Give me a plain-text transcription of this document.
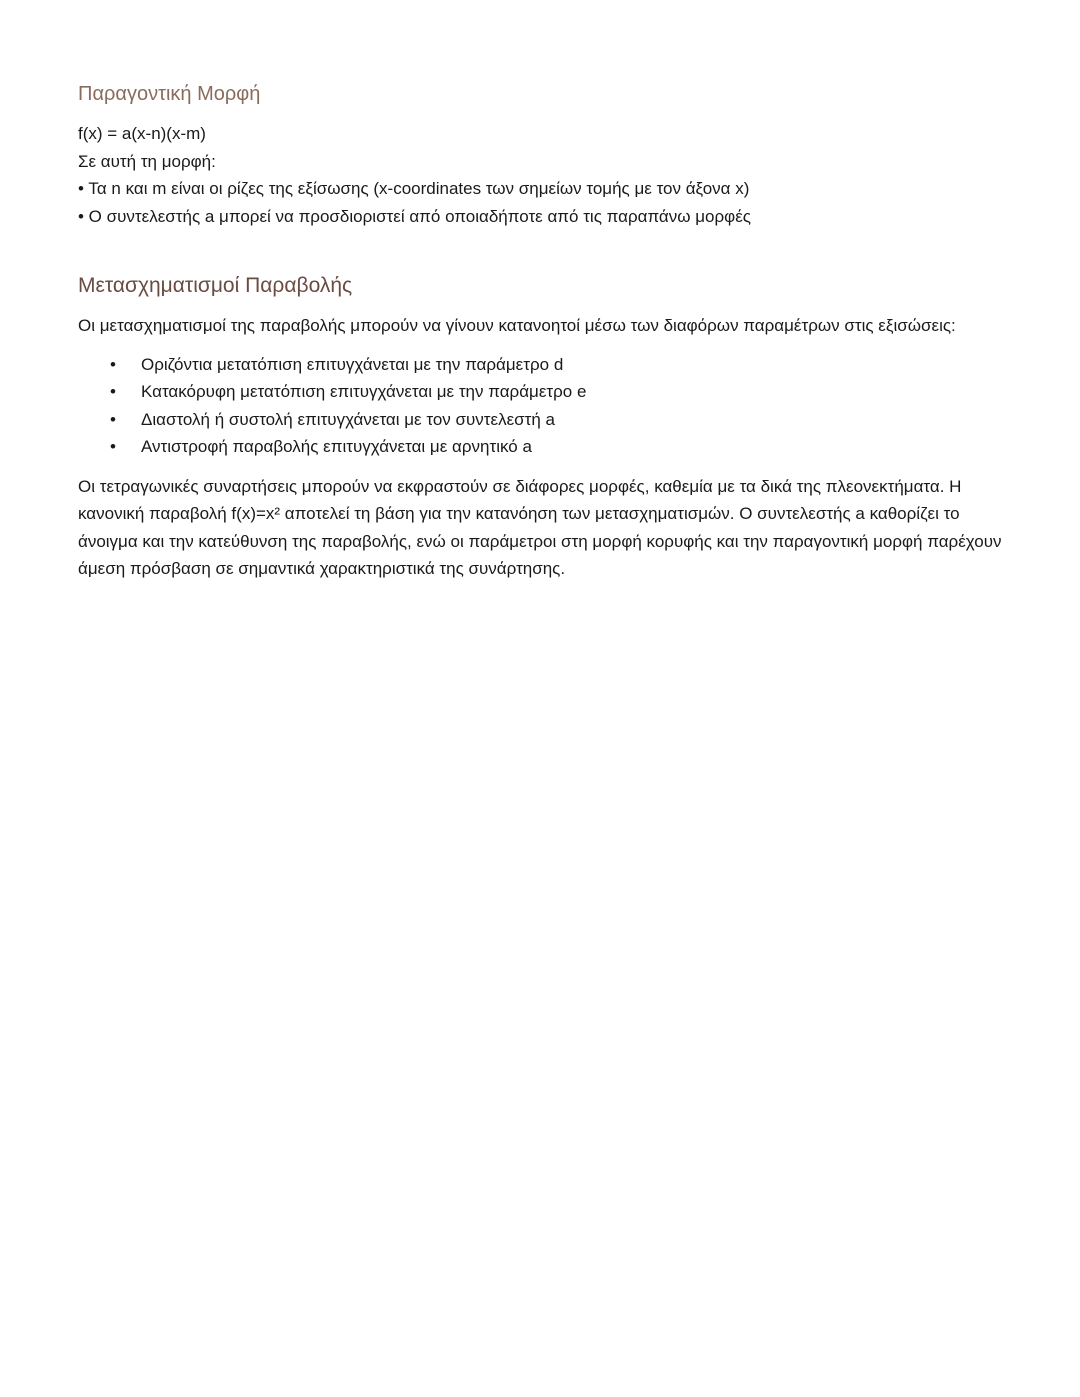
Παραγοντική Μορφή

f(x) = a(x-n)(x-m)

Σε αυτή τη μορφή:

• Τα n και m είναι οι ρίζες της εξίσωσης (x-coordinates των σημείων τομής με τον άξονα x)

• Ο συντελεστής a μπορεί να προσδιοριστεί από οποιαδήποτε από τις παραπάνω μορφές

Μετασχηματισμοί Παραβολής

Οι μετασχηματισμοί της παραβολής μπορούν να γίνουν κατανοητοί μέσω των διαφόρων παραμέτρων στις εξισώσεις:

• Οριζόντια μετατόπιση επιτυγχάνεται με την παράμετρο d
• Κατακόρυφη μετατόπιση επιτυγχάνεται με την παράμετρο e
• Διαστολή ή συστολή επιτυγχάνεται με τον συντελεστή a
• Αντιστροφή παραβολής επιτυγχάνεται με αρνητικό a

Οι τετραγωνικές συναρτήσεις μπορούν να εκφραστούν σε διάφορες μορφές, καθεμία με τα δικά της πλεονεκτήματα. Η κανονική παραβολή f(x)=x² αποτελεί τη βάση για την κατανόηση των μετασχηματισμών. Ο συντελεστής a καθορίζει το άνοιγμα και την κατεύθυνση της παραβολής, ενώ οι παράμετροι στη μορφή κορυφής και την παραγοντική μορφή παρέχουν άμεση πρόσβαση σε σημαντικά χαρακτηριστικά της συνάρτησης.
